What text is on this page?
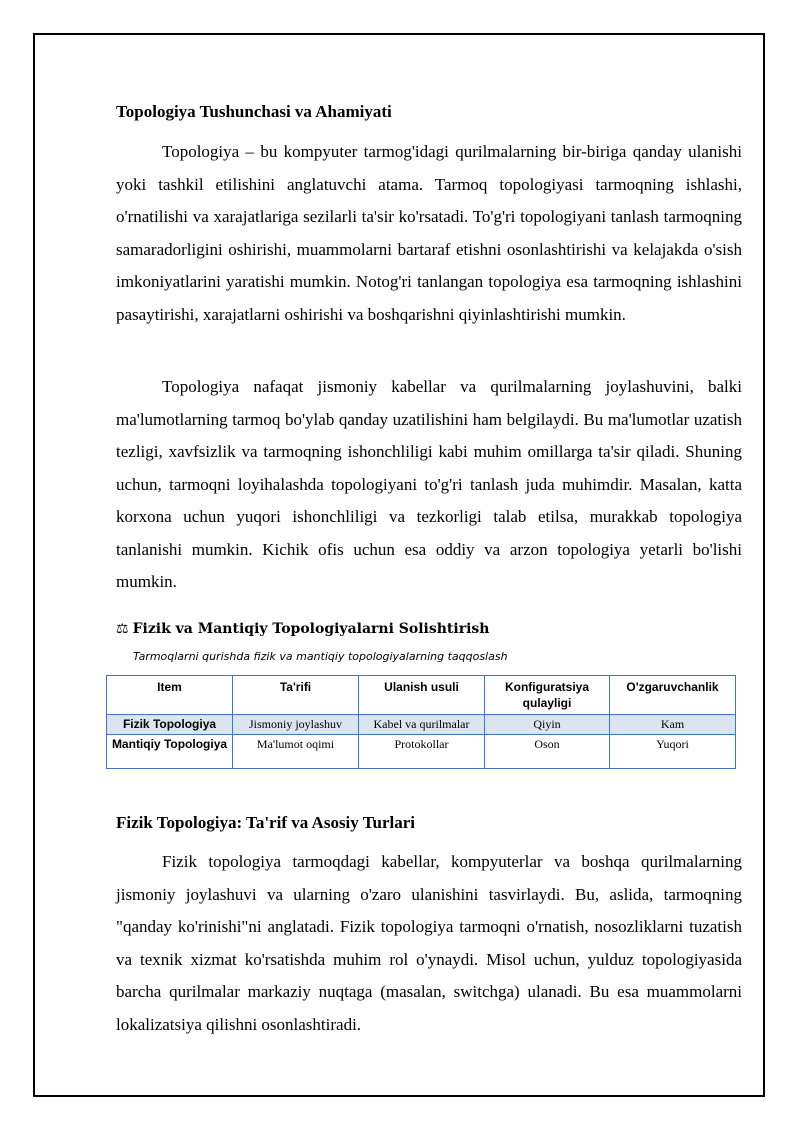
Topologiya Tushunchasi va Ahamiyati

Topologiya – bu kompyuter tarmog'idagi qurilmalarning bir-biriga qanday ulanishi yoki tashkil etilishini anglatuvchi atama. Tarmoq topologiyasi tarmoqning ishlashi, o'rnatilishi va xarajatlariga sezilarli ta'sir ko'rsatadi. To'g'ri topologiyani tanlash tarmoqning samaradorligini oshirishi, muammolarni bartaraf etishni osonlashtirishi va kelajakda o'sish imkoniyatlarini yaratishi mumkin. Notog'ri tanlangan topologiya esa tarmoqning ishlashini pasaytirishi, xarajatlarni oshirishi va boshqarishni qiyinlashtirishi mumkin.

Topologiya nafaqat jismoniy kabellar va qurilmalarning joylashuvini, balki ma'lumotlarning tarmoq bo'ylab qanday uzatilishini ham belgilaydi. Bu ma'lumotlar uzatish tezligi, xavfsizlik va tarmoqning ishonchliligi kabi muhim omillarga ta'sir qiladi. Shuning uchun, tarmoqni loyihalashda topologiyani to'g'ri tanlash juda muhimdir. Masalan, katta korxona uchun yuqori ishonchliligi va tezkorligi talab etilsa, murakkab topologiya tanlanishi mumkin. Kichik ofis uchun esa oddiy va arzon topologiya yetarli bo'lishi mumkin.

⚖ Fizik va Mantiqiy Topologiyalarni Solishtirish

Tarmoqlarni qurishda fizik va mantiqiy topologiyalarning taqqoslash

Item	Ta'rifi	Ulanish usuli	Konfiguratsiya qulayligi	O'zgaruvchanlik
Fizik Topologiya	Jismoniy joylashuv	Kabel va qurilmalar	Qiyin	Kam
Mantiqiy Topologiya	Ma'lumot oqimi	Protokollar	Oson	Yuqori
Fizik Topologiya: Ta'rif va Asosiy Turlari

Fizik topologiya tarmoqdagi kabellar, kompyuterlar va boshqa qurilmalarning jismoniy joylashuvi va ularning o'zaro ulanishini tasvirlaydi. Bu, aslida, tarmoqning "qanday ko'rinishi"ni anglatadi. Fizik topologiya tarmoqni o'rnatish, nosozliklarni tuzatish va texnik xizmat ko'rsatishda muhim rol o'ynaydi. Misol uchun, yulduz topologiyasida barcha qurilmalar markaziy nuqtaga (masalan, switchga) ulanadi. Bu esa muammolarni lokalizatsiya qilishni osonlashtiradi.
